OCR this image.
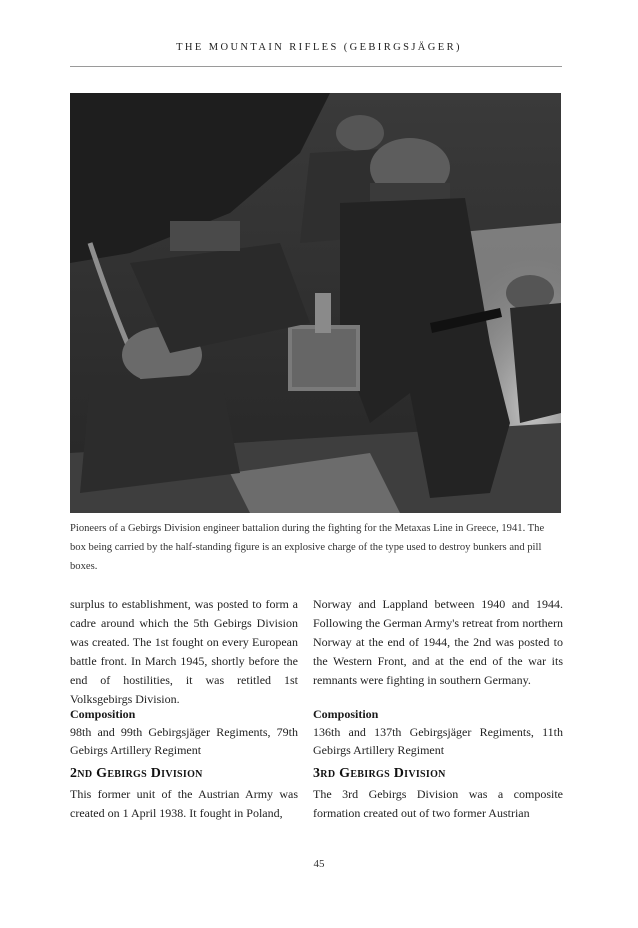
THE MOUNTAIN RIFLES (GEBIRGSJÄGER)
Pioneers of a Gebirgs Division engineer battalion during the fighting for the Metaxas Line in Greece, 1941. The box being carried by the half-standing figure is an explosive charge of the type used to destroy bunkers and pill boxes.

surplus to establishment, was posted to form a cadre around which the 5th Gebirgs Division was created. The 1st fought on every European battle front. In March 1945, shortly before the end of hostilities, it was retitled 1st Volksgebirgs Division.

Composition

98th and 99th Gebirgsjäger Regiments, 79th Gebirgs Artillery Regiment

2nd Gebirgs Division

This former unit of the Austrian Army was created on 1 April 1938. It fought in Poland,

Norway and Lappland between 1940 and 1944. Following the German Army's retreat from northern Norway at the end of 1944, the 2nd was posted to the Western Front, and at the end of the war its remnants were fighting in southern Germany.

Composition

136th and 137th Gebirgsjäger Regiments, 11th Gebirgs Artillery Regiment

3rd Gebirgs Division

The 3rd Gebirgs Division was a composite formation created out of two former Austrian

45
